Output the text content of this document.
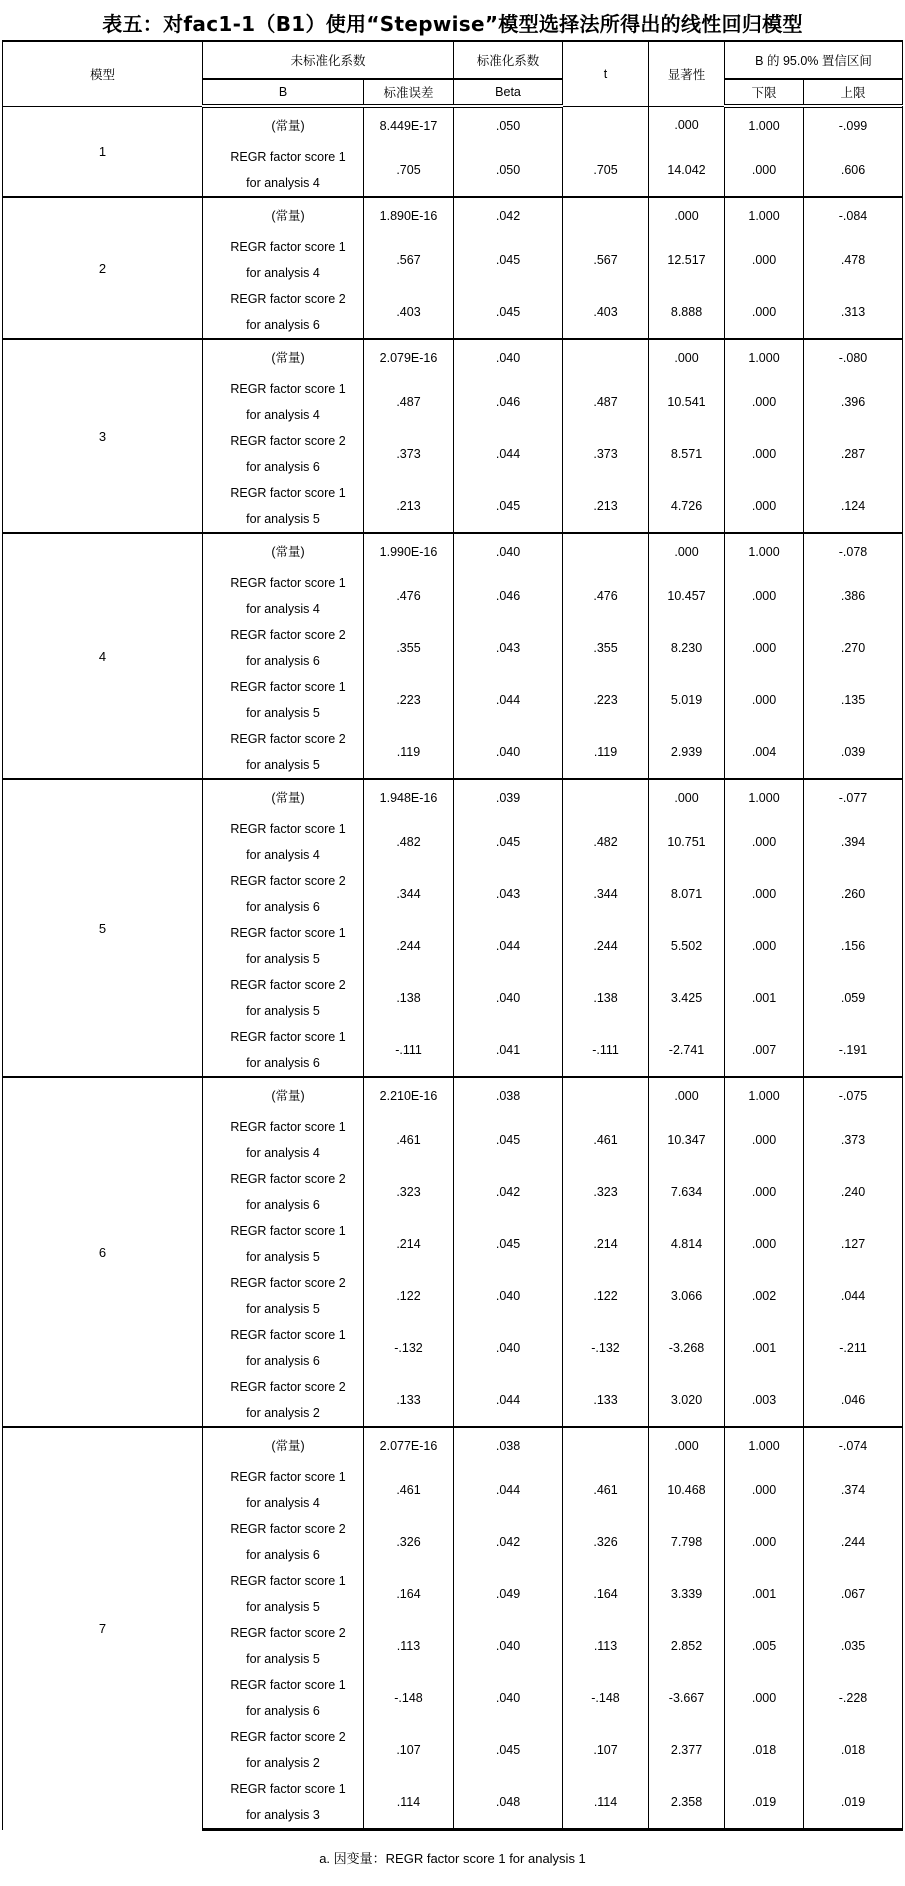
表五：对fac1-1（B1）使用“Stepwise”模型选择法所得出的线性回归模型
模型	未标准化系数		标准化系数	t	显著性	B 的 95.0% 置信区间		
	B	标准误差	Beta			下限	上限	
1	(常量)	8.449E-17	.050		.000	1.000	-.099	

	REGR factor score 1
for analysis 4	.705	.050	.705	14.042	.000	.606	
2	(常量)	1.890E-16	.042		.000	1.000	-.084	

	REGR factor score 1
for analysis 4	.567	.045	.567	12.517	.000	.478	

	REGR factor score 2
for analysis 6	.403	.045	.403	8.888	.000	.313	
3	(常量)	2.079E-16	.040		.000	1.000	-.080	

	REGR factor score 1
for analysis 4	.487	.046	.487	10.541	.000	.396	

	REGR factor score 2
for analysis 6	.373	.044	.373	8.571	.000	.287	

	REGR factor score 1
for analysis 5	.213	.045	.213	4.726	.000	.124	
4	(常量)	1.990E-16	.040		.000	1.000	-.078	

	REGR factor score 1
for analysis 4	.476	.046	.476	10.457	.000	.386	

	REGR factor score 2
for analysis 6	.355	.043	.355	8.230	.000	.270	

	REGR factor score 1
for analysis 5	.223	.044	.223	5.019	.000	.135	

	REGR factor score 2
for analysis 5	.119	.040	.119	2.939	.004	.039	
5	(常量)	1.948E-16	.039		.000	1.000	-.077	

	REGR factor score 1
for analysis 4	.482	.045	.482	10.751	.000	.394	

	REGR factor score 2
for analysis 6	.344	.043	.344	8.071	.000	.260	

	REGR factor score 1
for analysis 5	.244	.044	.244	5.502	.000	.156	

	REGR factor score 2
for analysis 5	.138	.040	.138	3.425	.001	.059	

	REGR factor score 1
for analysis 6	-.111	.041	-.111	-2.741	.007	-.191	
6	(常量)	2.210E-16	.038		.000	1.000	-.075	

	REGR factor score 1
for analysis 4	.461	.045	.461	10.347	.000	.373	

	REGR factor score 2
for analysis 6	.323	.042	.323	7.634	.000	.240	

	REGR factor score 1
for analysis 5	.214	.045	.214	4.814	.000	.127	

	REGR factor score 2
for analysis 5	.122	.040	.122	3.066	.002	.044	

	REGR factor score 1
for analysis 6	-.132	.040	-.132	-3.268	.001	-.211	

	REGR factor score 2
for analysis 2	.133	.044	.133	3.020	.003	.046	
7	(常量)	2.077E-16	.038		.000	1.000	-.074	

	REGR factor score 1
for analysis 4	.461	.044	.461	10.468	.000	.374	

	REGR factor score 2
for analysis 6	.326	.042	.326	7.798	.000	.244	

	REGR factor score 1
for analysis 5	.164	.049	.164	3.339	.001	.067	

	REGR factor score 2
for analysis 5	.113	.040	.113	2.852	.005	.035	

	REGR factor score 1
for analysis 6	-.148	.040	-.148	-3.667	.000	-.228	

	REGR factor score 2
for analysis 2	.107	.045	.107	2.377	.018	.018	

	REGR factor score 1
for analysis 3	.114	.048	.114	2.358	.019	.019	
a. 因变量：REGR factor score 1 for analysis 1
